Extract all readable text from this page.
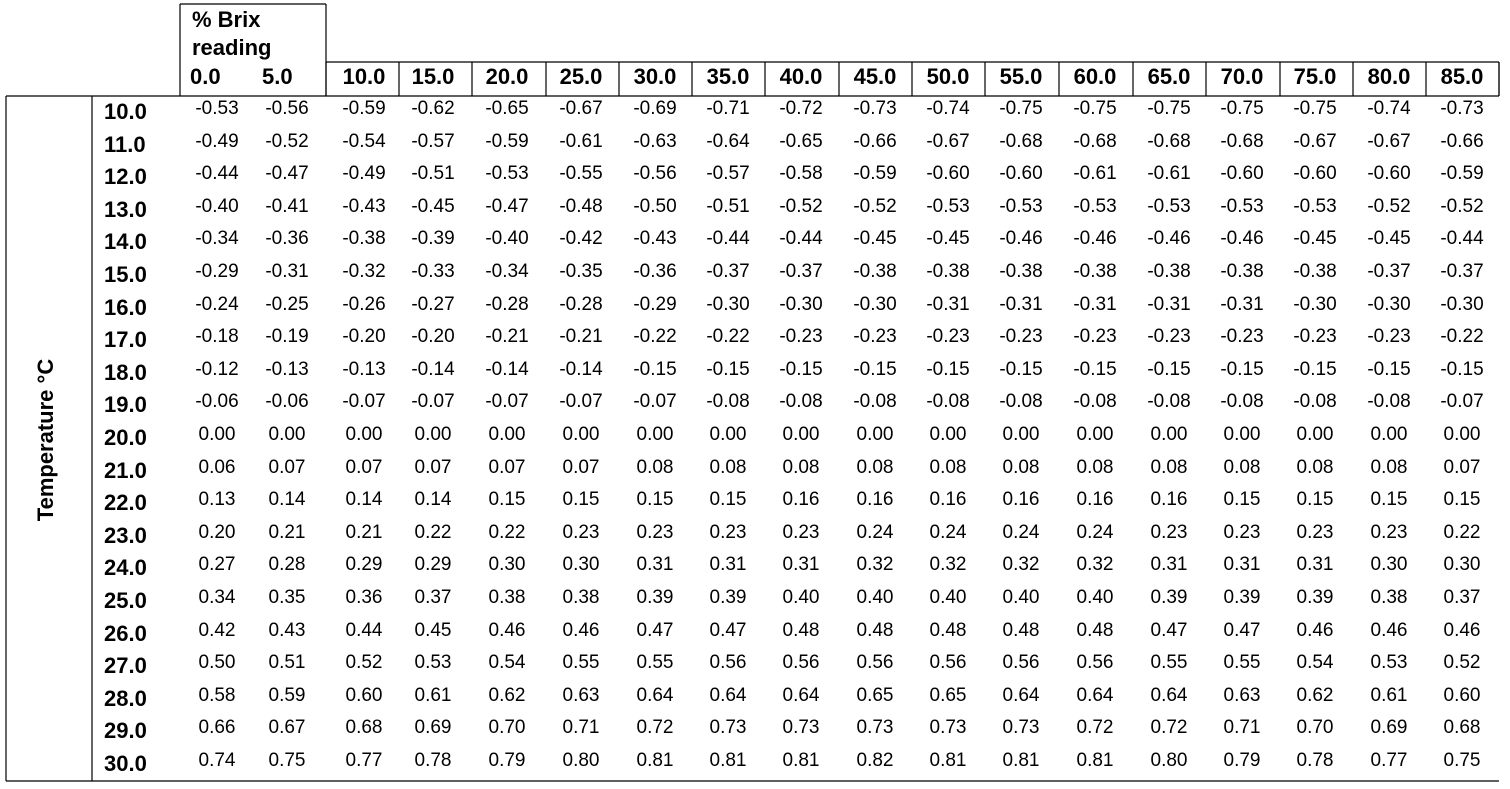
% Brix
reading
Temperature °C
0.0	5.0	10.0	15.0	20.0	25.0	30.0	35.0	40.0	45.0	50.0	55.0	60.0	65.0	70.0	75.0	80.0	85.0
10.0	-0.53	-0.56	-0.59	-0.62	-0.65	-0.67	-0.69	-0.71	-0.72	-0.73	-0.74	-0.75	-0.75	-0.75	-0.75	-0.75	-0.74	-0.73
11.0	-0.49	-0.52	-0.54	-0.57	-0.59	-0.61	-0.63	-0.64	-0.65	-0.66	-0.67	-0.68	-0.68	-0.68	-0.68	-0.67	-0.67	-0.66
12.0	-0.44	-0.47	-0.49	-0.51	-0.53	-0.55	-0.56	-0.57	-0.58	-0.59	-0.60	-0.60	-0.61	-0.61	-0.60	-0.60	-0.60	-0.59
13.0	-0.40	-0.41	-0.43	-0.45	-0.47	-0.48	-0.50	-0.51	-0.52	-0.52	-0.53	-0.53	-0.53	-0.53	-0.53	-0.53	-0.52	-0.52
14.0	-0.34	-0.36	-0.38	-0.39	-0.40	-0.42	-0.43	-0.44	-0.44	-0.45	-0.45	-0.46	-0.46	-0.46	-0.46	-0.45	-0.45	-0.44
15.0	-0.29	-0.31	-0.32	-0.33	-0.34	-0.35	-0.36	-0.37	-0.37	-0.38	-0.38	-0.38	-0.38	-0.38	-0.38	-0.38	-0.37	-0.37
16.0	-0.24	-0.25	-0.26	-0.27	-0.28	-0.28	-0.29	-0.30	-0.30	-0.30	-0.31	-0.31	-0.31	-0.31	-0.31	-0.30	-0.30	-0.30
17.0	-0.18	-0.19	-0.20	-0.20	-0.21	-0.21	-0.22	-0.22	-0.23	-0.23	-0.23	-0.23	-0.23	-0.23	-0.23	-0.23	-0.23	-0.22
18.0	-0.12	-0.13	-0.13	-0.14	-0.14	-0.14	-0.15	-0.15	-0.15	-0.15	-0.15	-0.15	-0.15	-0.15	-0.15	-0.15	-0.15	-0.15
19.0	-0.06	-0.06	-0.07	-0.07	-0.07	-0.07	-0.07	-0.08	-0.08	-0.08	-0.08	-0.08	-0.08	-0.08	-0.08	-0.08	-0.08	-0.07
20.0	0.00	0.00	0.00	0.00	0.00	0.00	0.00	0.00	0.00	0.00	0.00	0.00	0.00	0.00	0.00	0.00	0.00	0.00
21.0	0.06	0.07	0.07	0.07	0.07	0.07	0.08	0.08	0.08	0.08	0.08	0.08	0.08	0.08	0.08	0.08	0.08	0.07
22.0	0.13	0.14	0.14	0.14	0.15	0.15	0.15	0.15	0.16	0.16	0.16	0.16	0.16	0.16	0.15	0.15	0.15	0.15
23.0	0.20	0.21	0.21	0.22	0.22	0.23	0.23	0.23	0.23	0.24	0.24	0.24	0.24	0.23	0.23	0.23	0.23	0.22
24.0	0.27	0.28	0.29	0.29	0.30	0.30	0.31	0.31	0.31	0.32	0.32	0.32	0.32	0.31	0.31	0.31	0.30	0.30
25.0	0.34	0.35	0.36	0.37	0.38	0.38	0.39	0.39	0.40	0.40	0.40	0.40	0.40	0.39	0.39	0.39	0.38	0.37
26.0	0.42	0.43	0.44	0.45	0.46	0.46	0.47	0.47	0.48	0.48	0.48	0.48	0.48	0.47	0.47	0.46	0.46	0.46
27.0	0.50	0.51	0.52	0.53	0.54	0.55	0.55	0.56	0.56	0.56	0.56	0.56	0.56	0.55	0.55	0.54	0.53	0.52
28.0	0.58	0.59	0.60	0.61	0.62	0.63	0.64	0.64	0.64	0.65	0.65	0.64	0.64	0.64	0.63	0.62	0.61	0.60
29.0	0.66	0.67	0.68	0.69	0.70	0.71	0.72	0.73	0.73	0.73	0.73	0.73	0.72	0.72	0.71	0.70	0.69	0.68
30.0	0.74	0.75	0.77	0.78	0.79	0.80	0.81	0.81	0.81	0.82	0.81	0.81	0.81	0.80	0.79	0.78	0.77	0.75
